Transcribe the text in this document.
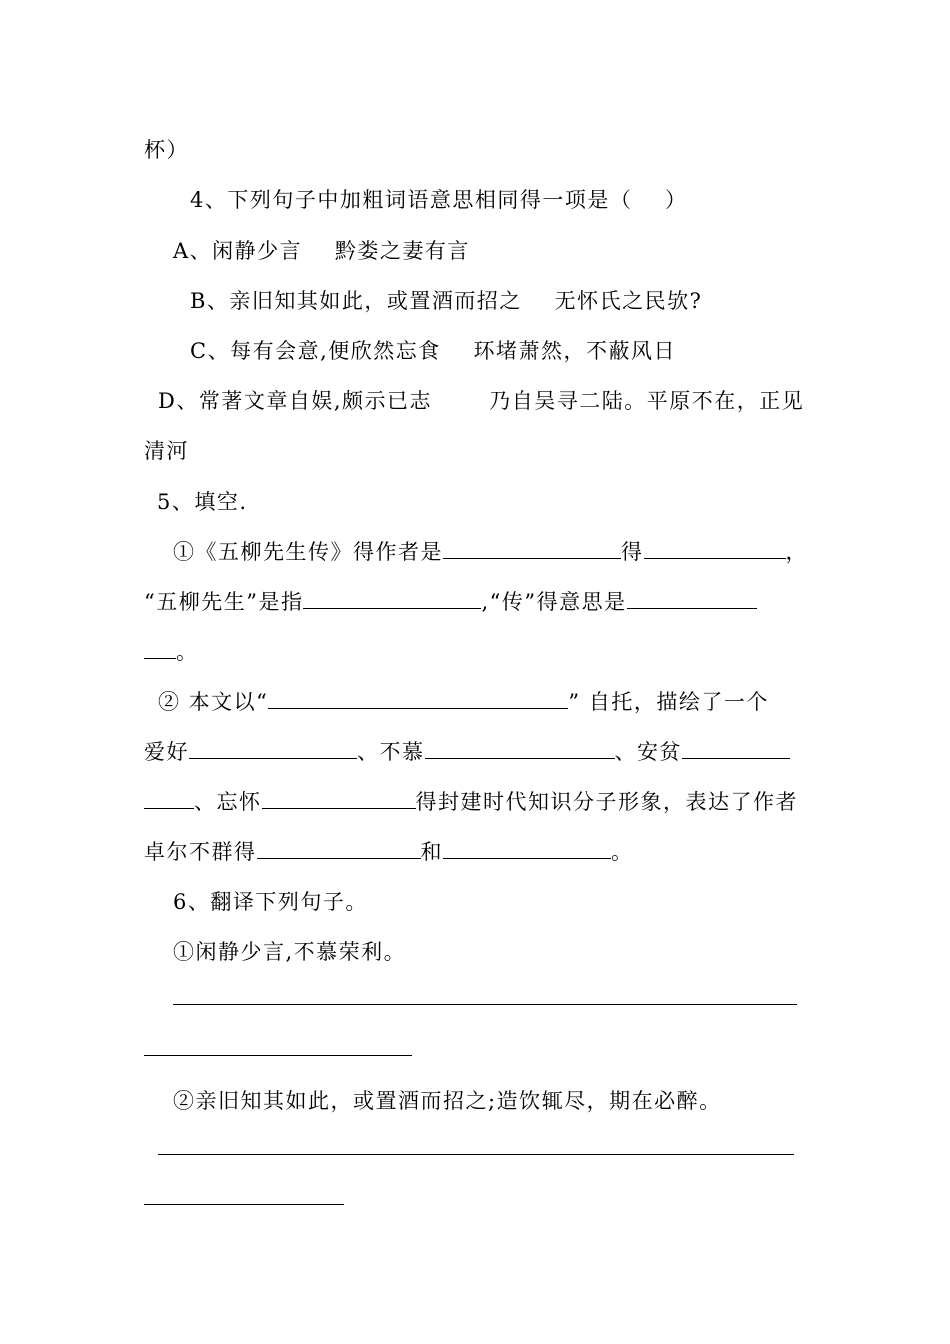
杯）

4、下列句子中加粗词语意思相同得一项是（    ）

A、闲静少言    黔娄之妻有言

B、亲旧知其如此，或置酒而招之    无怀氏之民欤?

C、每有会意,便欣然忘食    环堵萧然，不蔽风日

D、常著文章自娱,颇示已志       乃自吴寻二陆。平原不在，正见

清河

5、填空.

①《五柳先生传》得作者是	得	，

“五柳先生”是指	,“传”得意思是

。

② 本文以“	” 自托，描绘了一个

爱好	、不慕	、安贫

、忘怀	得封建时代知识分子形象，表达了作者

卓尔不群得	和	。

6、翻译下列句子。

①闲静少言,不慕荣利。

②亲旧知其如此，或置酒而招之;造饮辄尽，期在必醉。
